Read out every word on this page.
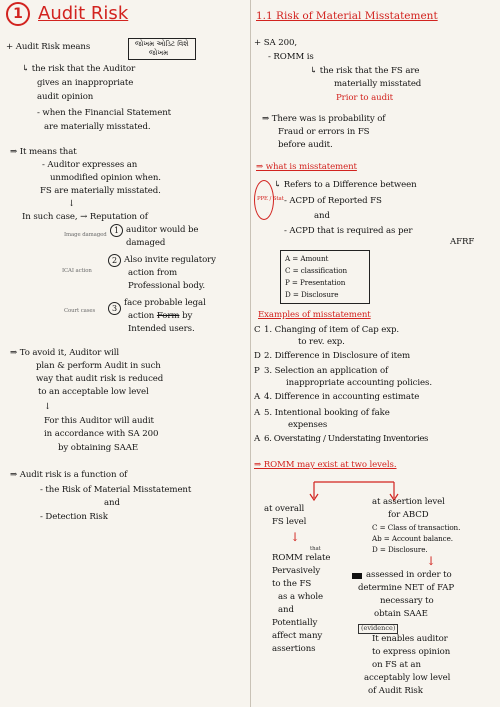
1 Audit Risk
+ Audit Risk means	જોખમ ઓડિટ વિશે
જોખમ
↳ the risk that the Auditor
gives an inappropriate
audit opinion
- when the Financial Statement
are materially misstated.
⇒ It means that
- Auditor expresses an
unmodified opinion when.
FS are materially misstated.
↓
In such case, → Reputation of
Image damaged 1 auditor would be
damaged
ICAI action
2 Also invite regulatory
action from
Professional body.
Court cases	3
face probable legal
action Form by
Intended users.
⇒ To avoid it, Auditor will
plan & perform Audit in such
way that audit risk is reduced
to an acceptable low level
↓
For this Auditor will audit
in accordance with SA 200
by obtaining SAAE
⇒ Audit risk is a function of
- the Risk of Material Misstatement
and
- Detection Risk
1.1 Risk of Material Misstatement
+ SA 200,
- ROMM is
↳ the risk that the FS are
materially misstated
Prior to audit
⇒ There was is probability of
Fraud or errors in FS
before audit.
⇒ what is misstatement
PPE / Stat
↳ Refers to a Difference between
- ACPD of Reported FS
and
- ACPD that is required as per
AFRF
A = Amount
C = classification
P = Presentation
D = Disclosure
Examples of misstatement
C 1. Changing of item of Cap exp.
to rev. exp.
D 2. Difference in Disclosure of item
P 3. Selection an application of
inappropriate accounting policies.
A 4. Difference in accounting estimate
A 5. Intentional booking of fake
expenses
A 6. Overstating / Understating Inventories
⇒ ROMM may exist at two levels.
at overall
FS level
at assertion level
for ABCD
C = Class of transaction.
Ab = Account balance.
D = Disclosure.
↓
ROMM relate
that
Pervasively
to the FS
as a whole
and
Potentially
affect many
assertions
↓
assessed in order to
determine NET of FAP
necessary to
obtain SAAE
(evidence)
It enables auditor
to express opinion
on FS at an
acceptably low level
of Audit Risk
